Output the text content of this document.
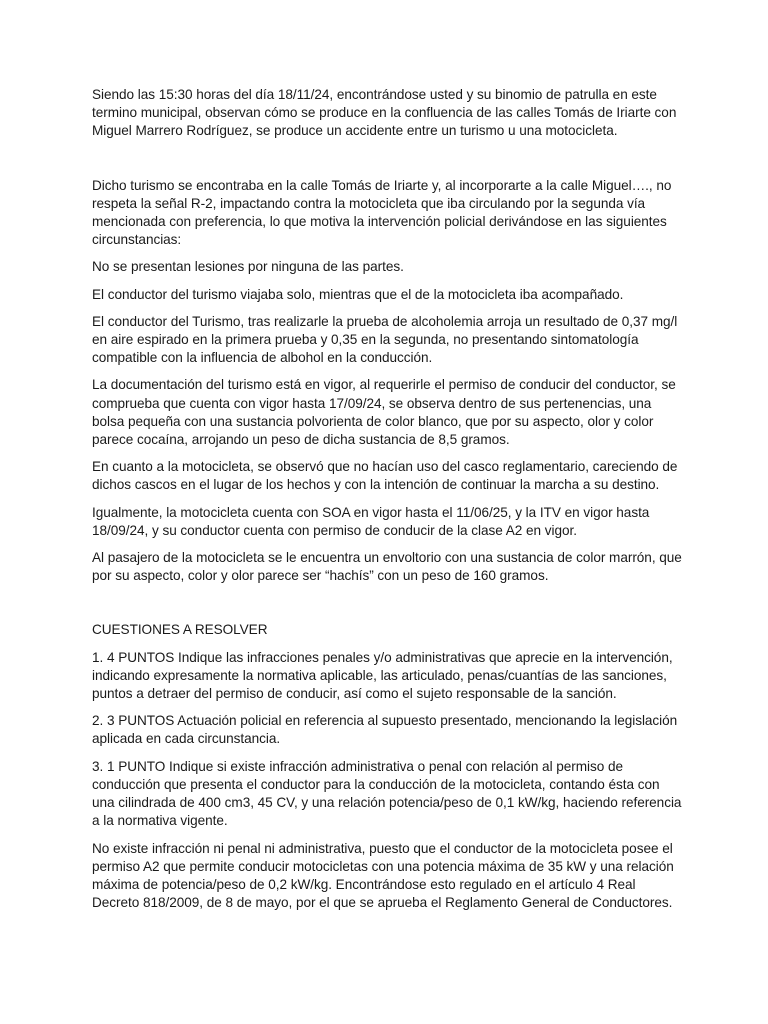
Siendo las 15:30 horas del día 18/11/24, encontrándose usted y su binomio de patrulla en este termino municipal, observan cómo se produce en la confluencia de las calles Tomás de Iriarte con Miguel Marrero Rodríguez, se produce un accidente entre un turismo u una motocicleta.

Dicho turismo se encontraba en la calle Tomás de Iriarte y, al incorporarte a la calle Miguel…., no respeta la señal R-2, impactando contra la motocicleta que iba circulando por la segunda vía mencionada con preferencia, lo que motiva la intervención policial derivándose en las siguientes circunstancias:

No se presentan lesiones por ninguna de las partes.

El conductor del turismo viajaba solo, mientras que el de la motocicleta iba acompañado.

El conductor del Turismo, tras realizarle la prueba de alcoholemia arroja un resultado de 0,37 mg/l en aire espirado en la primera prueba y 0,35 en la segunda, no presentando sintomatología compatible con la influencia de albohol en la conducción.

La documentación del turismo está en vigor, al requerirle el permiso de conducir del conductor, se comprueba que cuenta con vigor hasta 17/09/24, se observa dentro de sus pertenencias, una bolsa pequeña con una sustancia polvorienta de color blanco, que por su aspecto, olor y color parece cocaína, arrojando un peso de dicha sustancia de 8,5 gramos.

En cuanto a la motocicleta, se observó que no hacían uso del casco reglamentario, careciendo de dichos cascos en el lugar de los hechos y con la intención de continuar la marcha a su destino.

Igualmente, la motocicleta cuenta con SOA en vigor hasta el 11/06/25, y la ITV en vigor hasta 18/09/24, y su conductor cuenta con permiso de conducir de la clase A2 en vigor.

Al pasajero de la motocicleta se le encuentra un envoltorio con una sustancia de color marrón, que por su aspecto, color y olor parece ser “hachís” con un peso de 160 gramos.

CUESTIONES A RESOLVER

1. 4 PUNTOS Indique las infracciones penales y/o administrativas que aprecie en la intervención, indicando expresamente la normativa aplicable, las articulado, penas/cuantías de las sanciones, puntos a detraer del permiso de conducir, así como el sujeto responsable de la sanción.

2. 3 PUNTOS Actuación policial en referencia al supuesto presentado, mencionando la legislación aplicada en cada circunstancia.

3. 1 PUNTO Indique si existe infracción administrativa o penal con relación al permiso de conducción que presenta el conductor para la conducción de la motocicleta, contando ésta con una cilindrada de 400 cm3, 45 CV, y una relación potencia/peso de 0,1 kW/kg, haciendo referencia a la normativa vigente.

No existe infracción ni penal ni administrativa, puesto que el conductor de la motocicleta posee el permiso A2 que permite conducir motocicletas con una potencia máxima de 35 kW y una relación máxima de potencia/peso de 0,2 kW/kg. Encontrándose esto regulado en el artículo 4 Real Decreto 818/2009, de 8 de mayo, por el que se aprueba el Reglamento General de Conductores.
